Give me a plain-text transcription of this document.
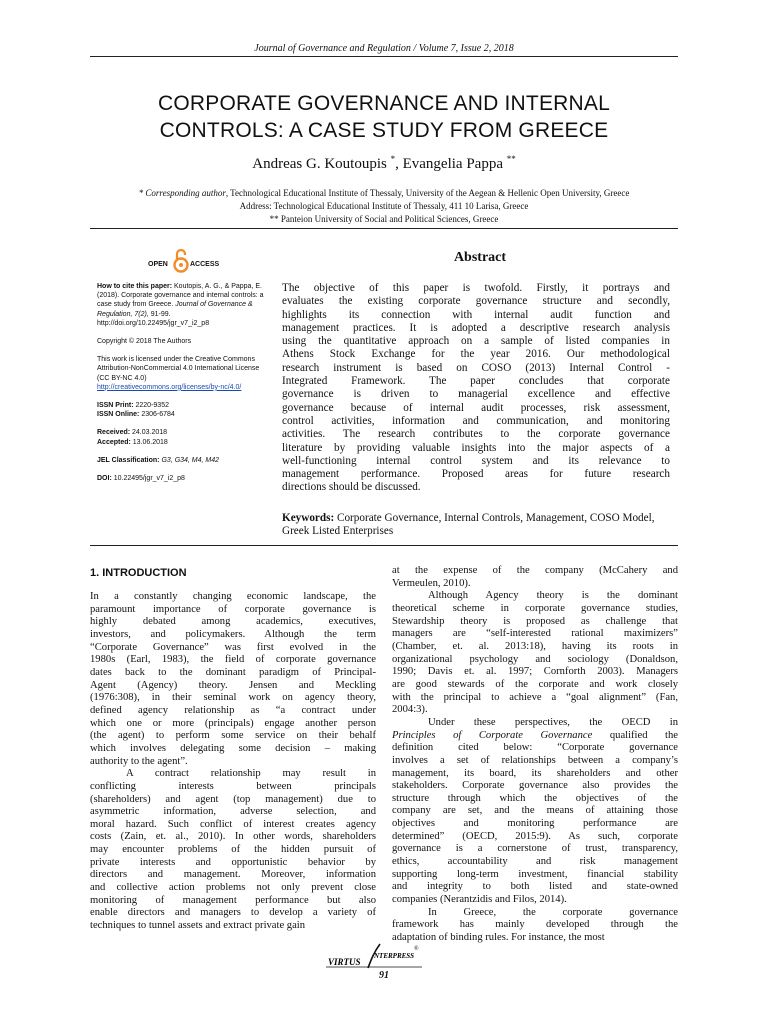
Journal of Governance and Regulation / Volume 7, Issue 2, 2018
CORPORATE GOVERNANCE AND INTERNAL
CONTROLS: A CASE STUDY FROM GREECE
Andreas G. Koutoupis *, Evangelia Pappa **
* Corresponding author, Technological Educational Institute of Thessaly, University of the Aegean & Hellenic Open University, Greece
Address: Technological Educational Institute of Thessaly, 411 10 Larisa, Greece
** Panteion University of Social and Political Sciences, Greece
OPEN	ACCESS	Abstract

How to cite this paper: Koutopis, A. G., & Pappa, E. (2018). Corporate governance and internal controls: a case study from Greece. Journal of Governance & Regulation, 7(2), 91-99. http://doi.org/10.22495/jgr_v7_i2_p8

Copyright © 2018 The Authors

This work is licensed under the Creative Commons Attribution-NonCommercial 4.0 International License (CC BY-NC 4.0)

http://creativecommons.org/licenses/by-nc/4.0/

ISSN Print: 2220-9352

ISSN Online: 2306-6784

Received: 24.03.2018

Accepted: 13.06.2018

JEL Classification: G3, G34, M4, M42

DOI: 10.22495/jgr_v7_i2_p8

The objective of this paper is twofold. Firstly, it portrays and
evaluates the existing corporate governance structure and secondly,
highlights its connection with internal audit function and
management practices. It is adopted a descriptive research analysis
using the quantitative approach on a sample of listed companies in
Athens Stock Exchange for the year 2016. Our methodological
research instrument is based on COSO (2013) Internal Control -
Integrated Framework. The paper concludes that corporate
governance is driven to managerial excellence and effective
governance because of internal audit processes, risk assessment,
control activities, information and communication, and monitoring
activities. The research contributes to the corporate governance
literature by providing valuable insights into the major aspects of a
well-functioning internal control system and its relevance to
management performance. Proposed areas for future research
directions should be discussed.
Keywords: Corporate Governance, Internal Controls, Management, COSO Model, Greek Listed Enterprises
1. INTRODUCTION
In a constantly changing economic landscape, the
paramount importance of corporate governance is
highly debated among academics, executives,
investors, and policymakers. Although the term
“Corporate Governance” was first evolved in the
1980s (Earl, 1983), the field of corporate governance
dates back to the dominant paradigm of Principal-
Agent (Agency) theory. Jensen and Meckling
(1976:308), in their seminal work on agency theory,
defined agency relationship as “a contract under
which one or more (principals) engage another person
(the agent) to perform some service on their behalf
which involves delegating some decision – making
authority to the agent”.
A contract relationship may result in
conflicting interests between principals
(shareholders) and agent (top management) due to
asymmetric information, adverse selection, and
moral hazard. Such conflict of interest creates agency
costs (Zain, et. al., 2010). In other words, shareholders
may encounter problems of the hidden pursuit of
private interests and opportunistic behavior by
directors and management. Moreover, information
and collective action problems not only prevent close
monitoring of management performance but also
enable directors and managers to develop a variety of
techniques to tunnel assets and extract private gain
at the expense of the company (McCahery and
Vermeulen, 2010).
Although Agency theory is the dominant
theoretical scheme in corporate governance studies,
Stewardship theory is proposed as challenge that
managers are “self-interested rational maximizers”
(Chamber, et. al. 2013:18), having its roots in
organizational psychology and sociology (Donaldson,
1990; Davis et. al. 1997; Cornforth 2003). Managers
are good stewards of the corporate and work closely
with the principal to achieve a “goal alignment” (Fan,
2004:3).
Under these perspectives, the OECD in
Principles of Corporate Governance qualified the
definition cited below: “Corporate governance
involves a set of relationships between a company’s
management, its board, its shareholders and other
stakeholders. Corporate governance also provides the
structure through which the objectives of the
company are set, and the means of attaining those
objectives and monitoring performance are
determined” (OECD, 2015:9). As such, corporate
governance is a cornerstone of trust, transparency,
ethics, accountability and risk management
supporting long-term investment, financial stability
and integrity to both listed and state-owned
companies (Nerantzidis and Filos, 2014).
In Greece, the corporate governance
framework has mainly developed through the
adaptation of binding rules. For instance, the most
VIRTUS
NTERPRESS
®
91
